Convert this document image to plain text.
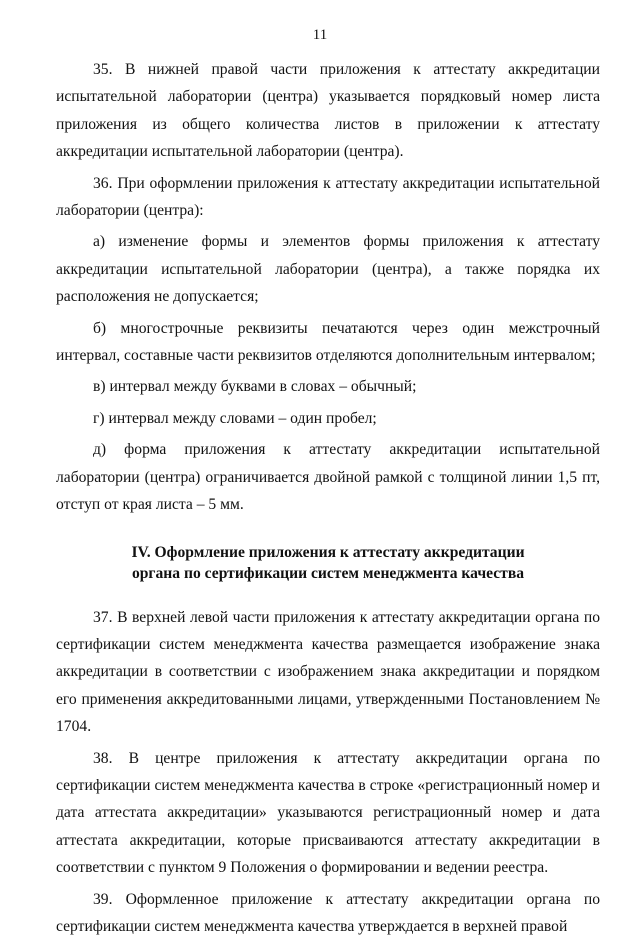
11

35. В нижней правой части приложения к аттестату аккредитации испытательной лаборатории (центра) указывается порядковый номер листа приложения из общего количества листов в приложении к аттестату аккредитации испытательной лаборатории (центра).

36. При оформлении приложения к аттестату аккредитации испытательной лаборатории (центра):

а) изменение формы и элементов формы приложения к аттестату аккредитации испытательной лаборатории (центра), а также порядка их расположения не допускается;

б) многострочные реквизиты печатаются через один межстрочный интервал, составные части реквизитов отделяются дополнительным интервалом;

в) интервал между буквами в словах – обычный;

г) интервал между словами – один пробел;

д) форма приложения к аттестату аккредитации испытательной лаборатории (центра) ограничивается двойной рамкой с толщиной линии 1,5 пт, отступ от края листа – 5 мм.

IV. Оформление приложения к аттестату аккредитации
органа по сертификации систем менеджмента качества

37. В верхней левой части приложения к аттестату аккредитации органа по сертификации систем менеджмента качества размещается изображение знака аккредитации в соответствии с изображением знака аккредитации и порядком его применения аккредитованными лицами, утвержденными Постановлением № 1704.

38. В центре приложения к аттестату аккредитации органа по сертификации систем менеджмента качества в строке «регистрационный номер и дата аттестата аккредитации» указываются регистрационный номер и дата аттестата аккредитации, которые присваиваются аттестату аккредитации в соответствии с пунктом 9 Положения о формировании и ведении реестра.

39. Оформленное приложение к аттестату аккредитации органа по сертификации систем менеджмента качества утверждается в верхней правой
